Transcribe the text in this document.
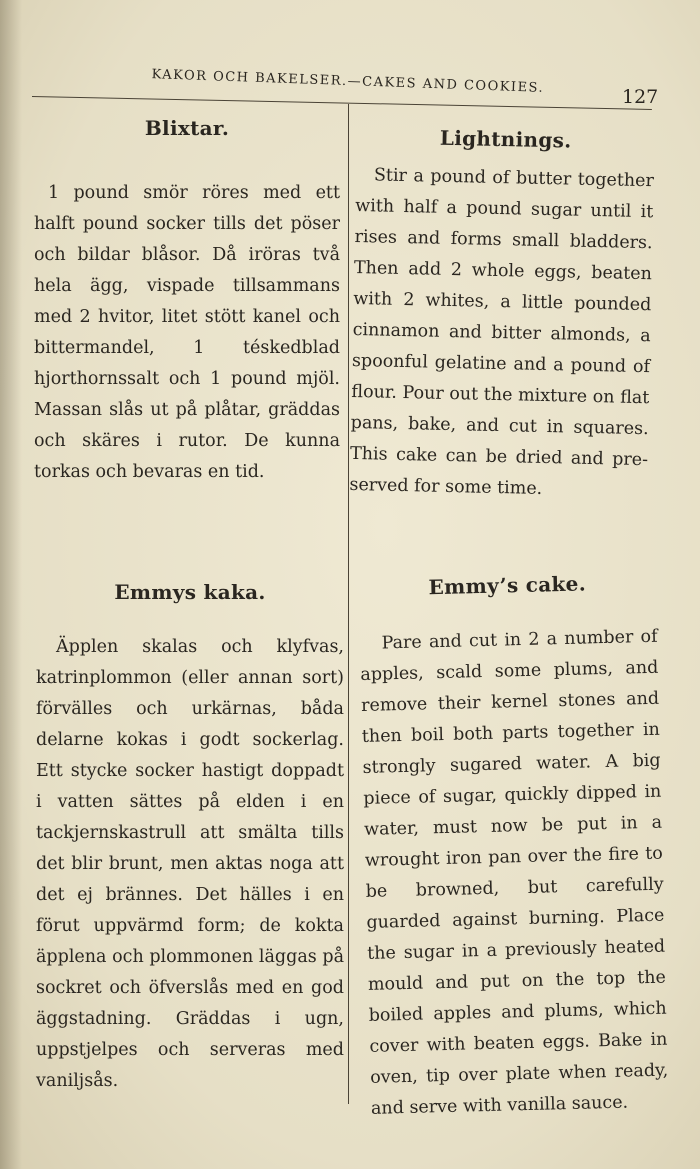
KAKOR OCH BAKELSER.—CAKES AND COOKIES.
127
Blixtar.

1 pound smör röres med ett halft pound socker tills det pöser och bildar blåsor. Då iröras två hela ägg, vispade tillsammans med 2 hvitor, litet stött kanel och bittermandel, 1 téskedblad hjorthornssalt och 1 pound mjöl. Massan slås ut på plåtar, gräddas och skäres i rutor. De kunna torkas och bevaras en tid.

Lightnings.

Stir a pound of butter together with half a pound sugar until it rises and forms small bladders. Then add 2 whole eggs, beaten with 2 whites, a little pounded cinnamon and bitter almonds, a spoonful gelatine and a pound of flour. Pour out the mixture on flat pans, bake, and cut in squares. This cake can be dried and preserved for some time.

Emmys kaka.

Äpplen skalas och klyfvas, katrinplommon (eller annan sort) förvälles och urkärnas, båda delarne kokas i godt sockerlag. Ett stycke socker hastigt doppadt i vatten sättes på elden i en tackjernskastrull att smälta tills det blir brunt, men aktas noga att det ej brännes. Det hälles i en förut uppvärmd form; de kokta äpplena och plommonen läggas på sockret och öfverslås med en god äggstadning. Gräddas i ugn, uppstjelpes och serveras med vaniljsås.

Emmy’s cake.

Pare and cut in 2 a number of apples, scald some plums, and remove their kernel stones and then boil both parts together in strongly sugared water. A big piece of sugar, quickly dipped in water, must now be put in a wrought iron pan over the fire to be browned, but carefully guarded against burning. Place the sugar in a previously heated mould and put on the top the boiled apples and plums, which cover with beaten eggs. Bake in oven, tip over plate when ready, and serve with vanilla sauce.
